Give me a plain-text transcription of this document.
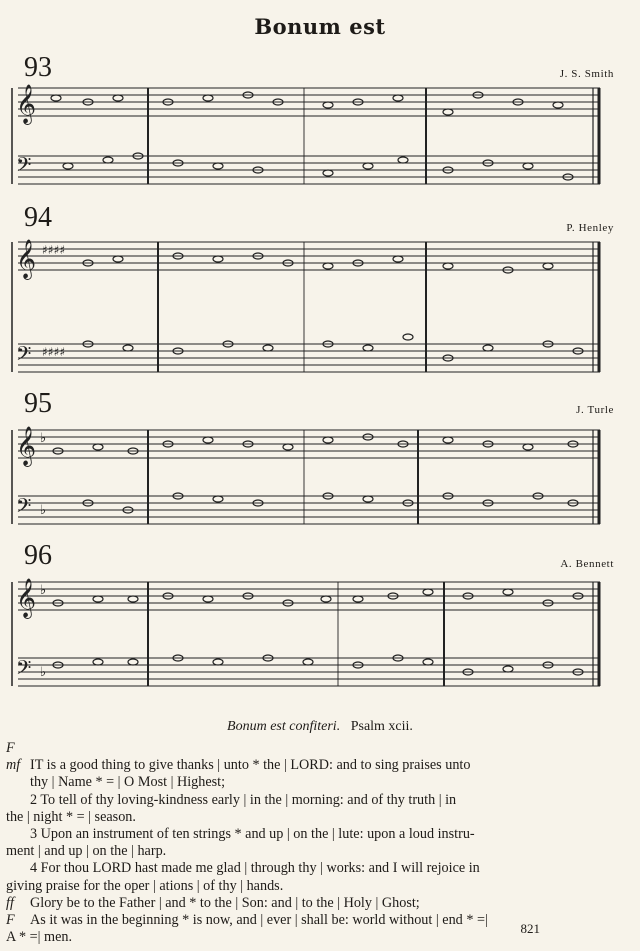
Bonum est
93	J. S. Smith
𝄞
𝄢
94	P. Henley
𝄞
𝄢
♯♯♯♯
♯♯♯♯
95	J. Turle
𝄞
𝄢
♭
♭
96	A. Bennett
𝄞
𝄢
♭
♭
Bonum est confiteri. Psalm xcii.

F mf IT is a good thing to give thanks | unto * the | LORD: and to sing praises unto
thy | Name * = | O Most | Highest;

2 To tell of thy loving-kindness early | in the | morning: and of thy truth | in
the | night * = | season.

3 Upon an instrument of ten strings * and up | on the | lute: upon a loud instru-
ment | and up | on the | harp.

4 For thou LORD hast made me glad | through thy | works: and I will rejoice in
giving praise for the oper | ations | of thy | hands.

ff Glory be to the Father | and * to the | Son: and | to the | Holy | Ghost;

F As it was in the beginning * is now, and | ever | shall be: world without | end * =|
A * =| men.

821
